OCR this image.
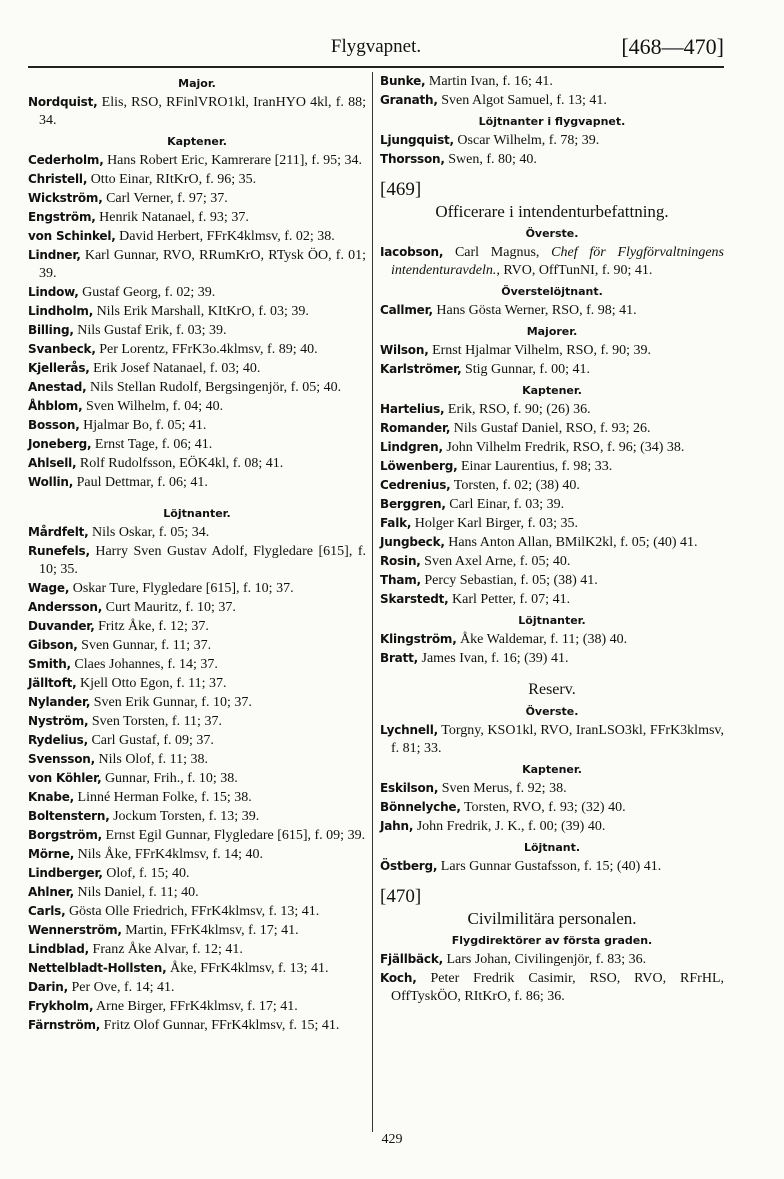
Flygvapnet.	[468—470]
Major.
Nordquist, Elis, RSO, RFinlVRO1kl, IranHYO 4kl, f. 88; 34.
Kaptener.
Cederholm, Hans Robert Eric, Kamrerare [211], f. 95; 34.
Christell, Otto Einar, RItKrO, f. 96; 35.
Wickström, Carl Verner, f. 97; 37.
Engström, Henrik Natanael, f. 93; 37.
von Schinkel, David Herbert, FFrK4klmsv, f. 02; 38.
Lindner, Karl Gunnar, RVO, RRumKrO, RTysk ÖO, f. 01; 39.
Lindow, Gustaf Georg, f. 02; 39.
Lindholm, Nils Erik Marshall, KItKrO, f. 03; 39.
Billing, Nils Gustaf Erik, f. 03; 39.
Svanbeck, Per Lorentz, FFrK3o.4klmsv, f. 89; 40.
Kjellerås, Erik Josef Natanael, f. 03; 40.
Anestad, Nils Stellan Rudolf, Bergsingenjör, f. 05; 40.
Åhblom, Sven Wilhelm, f. 04; 40.
Bosson, Hjalmar Bo, f. 05; 41.
Joneberg, Ernst Tage, f. 06; 41.
Ahlsell, Rolf Rudolfsson, EÖK4kl, f. 08; 41.
Wollin, Paul Dettmar, f. 06; 41.
Löjtnanter.
Mårdfelt, Nils Oskar, f. 05; 34.
Runefels, Harry Sven Gustav Adolf, Flygledare [615], f. 10; 35.
Wage, Oskar Ture, Flygledare [615], f. 10; 37.
Andersson, Curt Mauritz, f. 10; 37.
Duvander, Fritz Åke, f. 12; 37.
Gibson, Sven Gunnar, f. 11; 37.
Smith, Claes Johannes, f. 14; 37.
Jälltoft, Kjell Otto Egon, f. 11; 37.
Nylander, Sven Erik Gunnar, f. 10; 37.
Nyström, Sven Torsten, f. 11; 37.
Rydelius, Carl Gustaf, f. 09; 37.
Svensson, Nils Olof, f. 11; 38.
von Köhler, Gunnar, Frih., f. 10; 38.
Knabe, Linné Herman Folke, f. 15; 38.
Boltenstern, Jockum Torsten, f. 13; 39.
Borgström, Ernst Egil Gunnar, Flygledare [615], f. 09; 39.
Mörne, Nils Åke, FFrK4klmsv, f. 14; 40.
Lindberger, Olof, f. 15; 40.
Ahlner, Nils Daniel, f. 11; 40.
Carls, Gösta Olle Friedrich, FFrK4klmsv, f. 13; 41.
Wennerström, Martin, FFrK4klmsv, f. 17; 41.
Lindblad, Franz Åke Alvar, f. 12; 41.
Nettelbladt-Hollsten, Åke, FFrK4klmsv, f. 13; 41.
Darin, Per Ove, f. 14; 41.
Frykholm, Arne Birger, FFrK4klmsv, f. 17; 41.
Färnström, Fritz Olof Gunnar, FFrK4klmsv, f. 15; 41.
Bunke, Martin Ivan, f. 16; 41.
Granath, Sven Algot Samuel, f. 13; 41.
Löjtnanter i flygvapnet.
Ljungquist, Oscar Wilhelm, f. 78; 39.
Thorsson, Swen, f. 80; 40.
[469]
Officerare i intendenturbefattning.
Överste.
Iacobson, Carl Magnus, Chef för Flygförvaltningens intendenturavdeln., RVO, OffTunNI, f. 90; 41.
Överstelöjtnant.
Callmer, Hans Gösta Werner, RSO, f. 98; 41.
Majorer.
Wilson, Ernst Hjalmar Vilhelm, RSO, f. 90; 39.
Karlströmer, Stig Gunnar, f. 00; 41.
Kaptener.
Hartelius, Erik, RSO, f. 90; (26) 36.
Romander, Nils Gustaf Daniel, RSO, f. 93; 26.
Lindgren, John Vilhelm Fredrik, RSO, f. 96; (34) 38.
Löwenberg, Einar Laurentius, f. 98; 33.
Cedrenius, Torsten, f. 02; (38) 40.
Berggren, Carl Einar, f. 03; 39.
Falk, Holger Karl Birger, f. 03; 35.
Jungbeck, Hans Anton Allan, BMilK2kl, f. 05; (40) 41.
Rosin, Sven Axel Arne, f. 05; 40.
Tham, Percy Sebastian, f. 05; (38) 41.
Skarstedt, Karl Petter, f. 07; 41.
Löjtnanter.
Klingström, Åke Waldemar, f. 11; (38) 40.
Bratt, James Ivan, f. 16; (39) 41.
Reserv.
Överste.
Lychnell, Torgny, KSO1kl, RVO, IranLSO3kl, FFrK3klmsv, f. 81; 33.
Kaptener.
Eskilson, Sven Merus, f. 92; 38.
Bönnelyche, Torsten, RVO, f. 93; (32) 40.
Jahn, John Fredrik, J. K., f. 00; (39) 40.
Löjtnant.
Östberg, Lars Gunnar Gustafsson, f. 15; (40) 41.
[470]
Civilmilitära personalen.
Flygdirektörer av första graden.
Fjällbäck, Lars Johan, Civilingenjör, f. 83; 36.
Koch, Peter Fredrik Casimir, RSO, RVO, RFrHL, OffTyskÖO, RItKrO, f. 86; 36.
429
